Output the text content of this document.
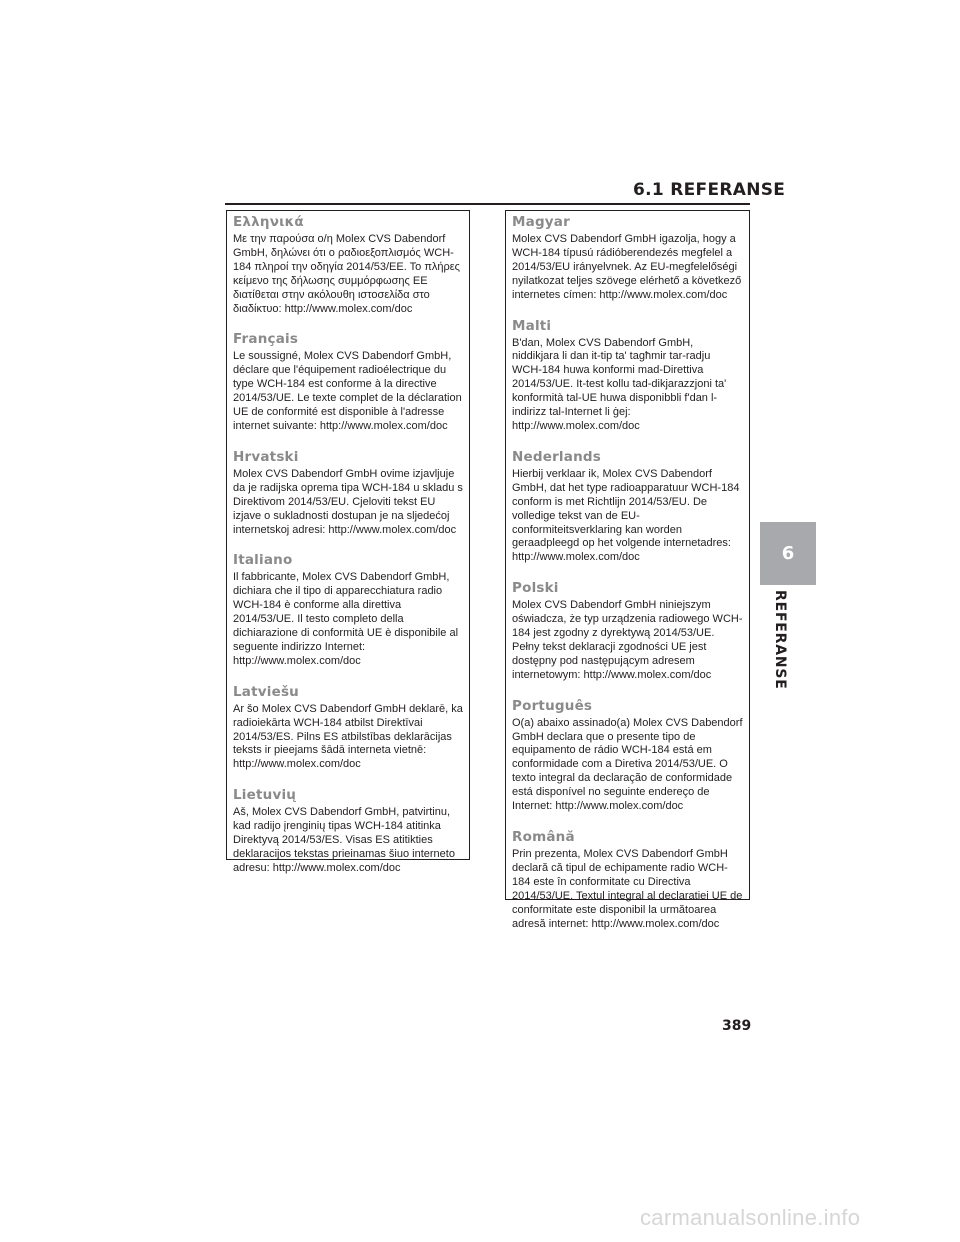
6.1 REFERANSE
Ελληνικά

Με την παρούσα ο/η Molex CVS Dabendorf GmbH, δηλώνει ότι ο ραδιοεξοπλισμός WCH-184 πληροί την οδηγία 2014/53/ΕΕ. Το πλήρες κείμενο της δήλωσης συμμόρφωσης ΕΕ διατίθεται στην ακόλουθη ιστοσελίδα στο διαδίκτυο: http://www.molex.com/doc

Français

Le soussigné, Molex CVS Dabendorf GmbH, déclare que l'équipement radioélectrique du type WCH-184 est conforme à la directive 2014/53/UE. Le texte complet de la déclaration UE de conformité est disponible à l'adresse internet suivante: http://www.molex.com/doc

Hrvatski

Molex CVS Dabendorf GmbH ovime izjavljuje da je radijska oprema tipa WCH-184 u skladu s Direktivom 2014/53/EU. Cjeloviti tekst EU izjave o sukladnosti dostupan je na sljedećoj internetskoj adresi: http://www.molex.com/doc

Italiano

Il fabbricante, Molex CVS Dabendorf GmbH, dichiara che il tipo di apparecchiatura radio WCH-184 è conforme alla direttiva 2014/53/UE. Il testo completo della dichiarazione di conformità UE è disponibile al seguente indirizzo Internet: http://www.molex.com/doc

Latviešu

Ar šo Molex CVS Dabendorf GmbH deklarē, ka radioiekārta WCH-184 atbilst Direktīvai 2014/53/ES. Pilns ES atbilstības deklarācijas teksts ir pieejams šādā interneta vietnē: http://www.molex.com/doc

Lietuvių

Aš, Molex CVS Dabendorf GmbH, patvirtinu, kad radijo įrenginių tipas WCH-184 atitinka Direktyvą 2014/53/ES. Visas ES atitikties deklaracijos tekstas prieinamas šiuo interneto adresu: http://www.molex.com/doc

Magyar

Molex CVS Dabendorf GmbH igazolja, hogy a WCH-184 típusú rádióberendezés megfelel a 2014/53/EU irányelvnek. Az EU-megfelelőségi nyilatkozat teljes szövege elérhető a következő internetes címen: http://www.molex.com/doc

Malti

B'dan, Molex CVS Dabendorf GmbH, niddikjara li dan it-tip ta' tagħmir tar-radju WCH-184 huwa konformi mad-Direttiva 2014/53/UE. It-test kollu tad-dikjarazzjoni ta' konformità tal-UE huwa disponibbli f'dan l-indirizz tal-Internet li ġej: http://www.molex.com/doc

Nederlands

Hierbij verklaar ik, Molex CVS Dabendorf GmbH, dat het type radioapparatuur WCH-184 conform is met Richtlijn 2014/53/EU. De volledige tekst van de EU-conformiteitsverklaring kan worden geraadpleegd op het volgende internetadres: http://www.molex.com/doc

Polski

Molex CVS Dabendorf GmbH niniejszym oświadcza, że typ urządzenia radiowego WCH-184 jest zgodny z dyrektywą 2014/53/UE. Pełny tekst deklaracji zgodności UE jest dostępny pod następującym adresem internetowym: http://www.molex.com/doc

Português

O(a) abaixo assinado(a) Molex CVS Dabendorf GmbH declara que o presente tipo de equipamento de rádio WCH-184 está em conformidade com a Diretiva 2014/53/UE. O texto integral da declaração de conformidade está disponível no seguinte endereço de Internet: http://www.molex.com/doc

Română

Prin prezenta, Molex CVS Dabendorf GmbH declară că tipul de echipamente radio WCH-184 este în conformitate cu Directiva 2014/53/UE. Textul integral al declaratiei UE de conformitate este disponibil la următoarea adresă internet: http://www.molex.com/doc

6
REFERANSE
389
carmanualsonline.info
